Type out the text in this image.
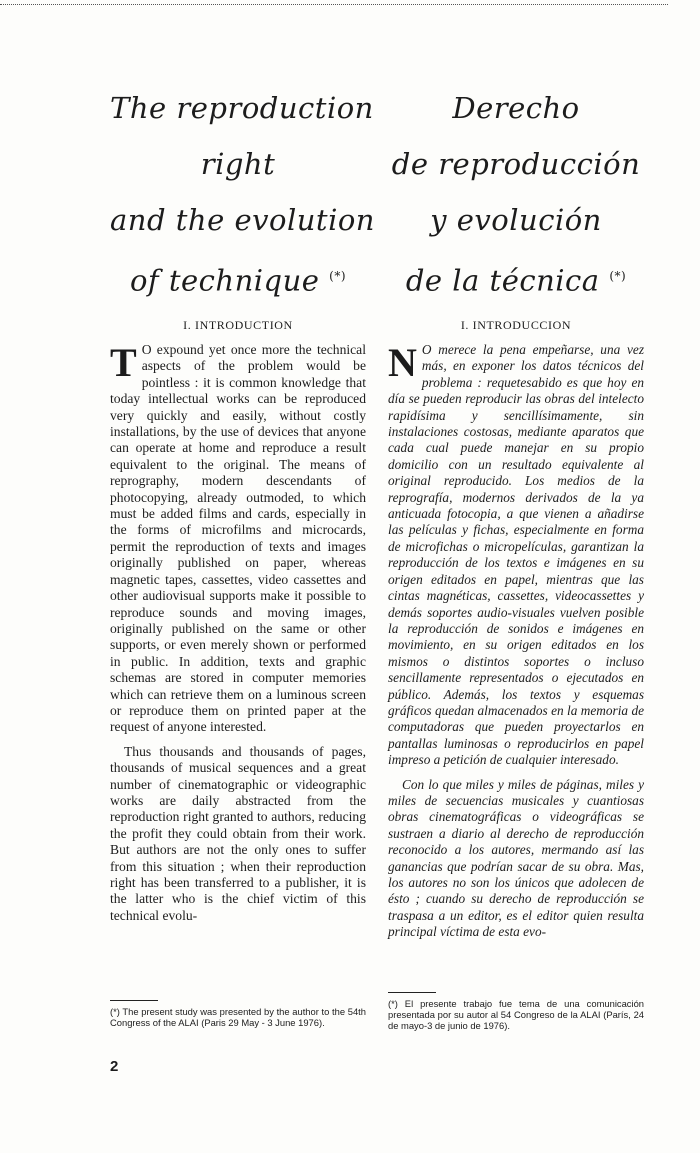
The reproduction
right
and the evolution
of technique (*)
I. INTRODUCTION

T O expound yet once more the technical aspects of the problem would be pointless : it is common knowledge that today intellectual works can be reproduced very quickly and easily, without costly installations, by the use of devices that anyone can operate at home and reproduce a result equivalent to the original. The means of reprography, modern descendants of photocopying, already outmoded, to which must be added films and cards, especially in the forms of microfilms and microcards, permit the reproduction of texts and images originally published on paper, whereas magnetic tapes, cassettes, video cassettes and other audiovisual supports make it possible to reproduce sounds and moving images, originally published on the same or other supports, or even merely shown or performed in public. In addition, texts and graphic schemas are stored in computer memories which can retrieve them on a luminous screen or reproduce them on printed paper at the request of anyone interested.

Thus thousands and thousands of pages, thousands of musical sequences and a great number of cinematographic or videographic works are daily abstracted from the reproduction right granted to authors, reducing the profit they could obtain from their work. But authors are not the only ones to suffer from this situation ; when their reproduction right has been transferred to a publisher, it is the latter who is the chief victim of this technical evolu-

(*) The present study was presented by the author to the 54th Congress of the ALAI (Paris 29 May - 3 June 1976).
Derecho
de reproducción
y evolución
de la técnica (*)
I. INTRODUCCION

N O merece la pena empeñarse, una vez más, en exponer los datos técnicos del problema : requetesabido es que hoy en día se pueden reproducir las obras del intelecto rapidísima y sencillísimamente, sin instalaciones costosas, mediante aparatos que cada cual puede manejar en su propio domicilio con un resultado equivalente al original reproducido. Los medios de la reprografía, modernos derivados de la ya anticuada fotocopia, a que vienen a añadirse las películas y fichas, especialmente en forma de microfichas o micropelículas, garantizan la reproducción de los textos e imágenes en su origen editados en papel, mientras que las cintas magnéticas, cassettes, videocassettes y demás soportes audio-visuales vuelven posible la reproducción de sonidos e imágenes en movimiento, en su origen editados en los mismos o distintos soportes o incluso sencillamente representados o ejecutados en público. Además, los textos y esquemas gráficos quedan almacenados en la memoria de computadoras que pueden proyectarlos en pantallas luminosas o reproducirlos en papel impreso a petición de cualquier interesado.

Con lo que miles y miles de páginas, miles y miles de secuencias musicales y cuantiosas obras cinematográficas o videográficas se sustraen a diario al derecho de reproducción reconocido a los autores, mermando así las ganancias que podrían sacar de su obra. Mas, los autores no son los únicos que adolecen de ésto ; cuando su derecho de reproducción se traspasa a un editor, es el editor quien resulta principal víctima de esta evo-

(*) El presente trabajo fue tema de una comunicación presentada por su autor al 54 Congreso de la ALAI (París, 24 de mayo-3 de junio de 1976).
2
